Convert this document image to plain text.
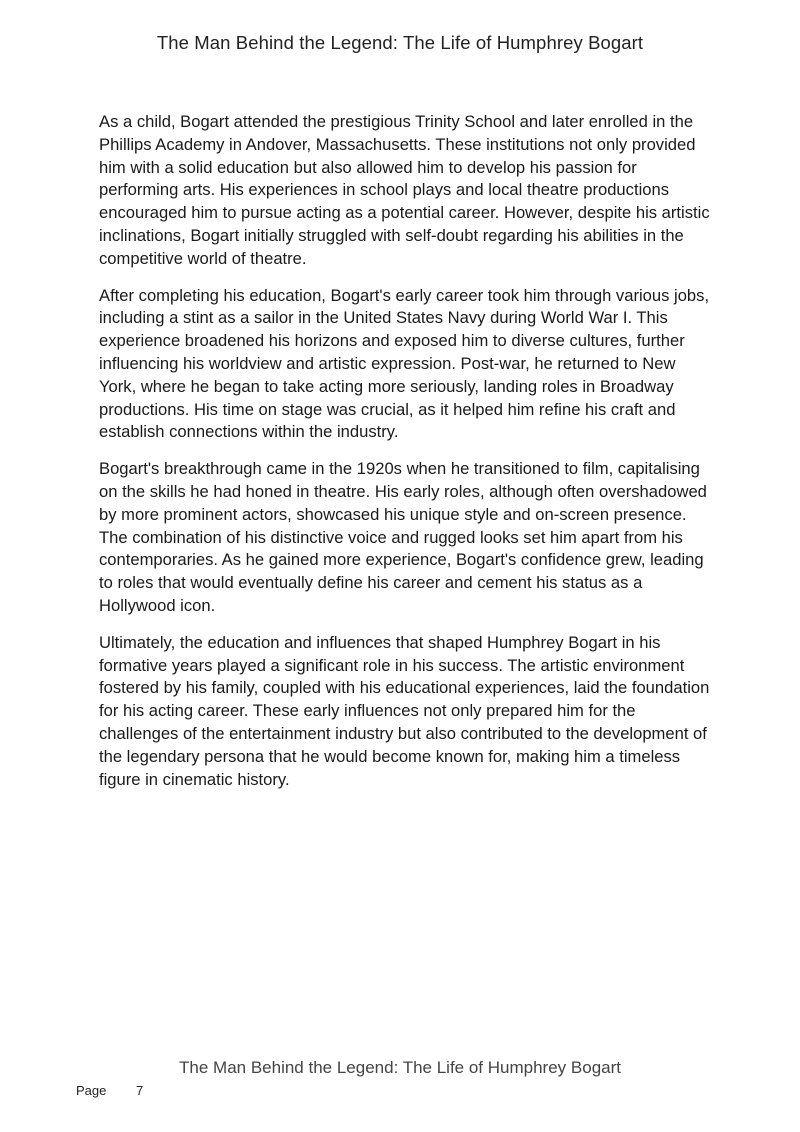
The Man Behind the Legend: The Life of Humphrey Bogart

As a child, Bogart attended the prestigious Trinity School and later enrolled in the Phillips Academy in Andover, Massachusetts. These institutions not only provided him with a solid education but also allowed him to develop his passion for performing arts. His experiences in school plays and local theatre productions encouraged him to pursue acting as a potential career. However, despite his artistic inclinations, Bogart initially struggled with self-doubt regarding his abilities in the competitive world of theatre.

After completing his education, Bogart's early career took him through various jobs, including a stint as a sailor in the United States Navy during World War I. This experience broadened his horizons and exposed him to diverse cultures, further influencing his worldview and artistic expression. Post-war, he returned to New York, where he began to take acting more seriously, landing roles in Broadway productions. His time on stage was crucial, as it helped him refine his craft and establish connections within the industry.

Bogart's breakthrough came in the 1920s when he transitioned to film, capitalising on the skills he had honed in theatre. His early roles, although often overshadowed by more prominent actors, showcased his unique style and on-screen presence. The combination of his distinctive voice and rugged looks set him apart from his contemporaries. As he gained more experience, Bogart's confidence grew, leading to roles that would eventually define his career and cement his status as a Hollywood icon.

Ultimately, the education and influences that shaped Humphrey Bogart in his formative years played a significant role in his success. The artistic environment fostered by his family, coupled with his educational experiences, laid the foundation for his acting career. These early influences not only prepared him for the challenges of the entertainment industry but also contributed to the development of the legendary persona that he would become known for, making him a timeless figure in cinematic history.

The Man Behind the Legend: The Life of Humphrey Bogart
Page 7
